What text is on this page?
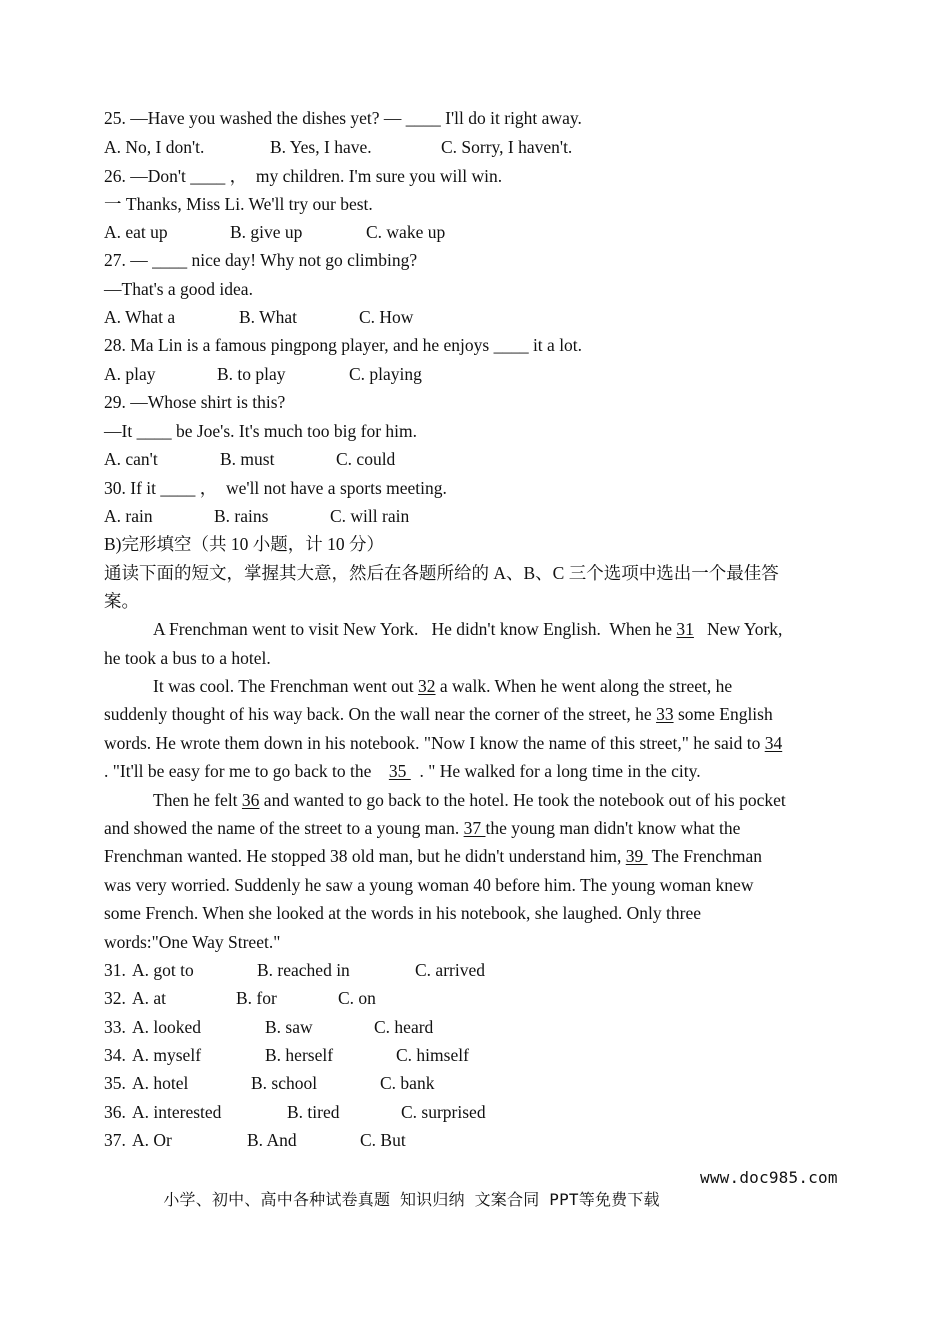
25. —Have you washed the dishes yet? — ____ I'll do it right away.
A. No, I don't.	B. Yes, I have.	C. Sorry, I haven't.
26. —Don't ____ ，  my children. I'm sure you will win.
一 Thanks, Miss Li. We'll try our best.
A. eat up	B. give up	C. wake up
27. — ____ nice day! Why not go climbing?
—That's a good idea.
A. What a	B. What	C. How
28. Ma Lin is a famous pingpong player, and he enjoys ____ it a lot.
A. play	B. to play	C. playing
29. —Whose shirt is this?
—It ____ be Joe's. It's much too big for him.
A. can't	B. must	C. could
30. If it ____ ，  we'll not have a sports meeting.
A. rain	B. rains	C. will rain
B)完形填空（共 10 小题，计 10 分）
通读下面的短文，掌握其大意，然后在各题所给的 A、B、C 三个选项中选出一个最佳答
案。
A Frenchman went to visit New York.   He didn't know English.  When he 31   New York,
he took a bus to a hotel.
It was cool. The Frenchman went out 32 a walk. When he went along the street, he
suddenly thought of his way back. On the wall near the corner of the street, he 33 some English
words. He wrote them down in his notebook. "Now I know the name of this street," he said to 34
. "It'll be easy for me to go back to the    35   . " He walked for a long time in the city.
Then he felt 36 and wanted to go back to the hotel. He took the notebook out of his pocket
and showed the name of the street to a young man. 37 the young man didn't know what the
Frenchman wanted. He stopped 38 old man, but he didn't understand him, 39  The Frenchman
was very worried. Suddenly he saw a young woman 40 before him. The young woman knew
some French. When she looked at the words in his notebook, she laughed. Only three
words:"One Way Street."
31. A. got to	B. reached in	C. arrived
32. A. at	B. for	C. on
33. A. looked	B. saw	C. heard
34. A. myself	B. herself	C. himself
35. A. hotel	B. school	C. bank
36. A. interested	B. tired	C. surprised
37. A. Or	B. And	C. But

小学、初中、高中各种试卷真题 知识归纳 文案合同 PPT等免费下载

www.doc985.com
